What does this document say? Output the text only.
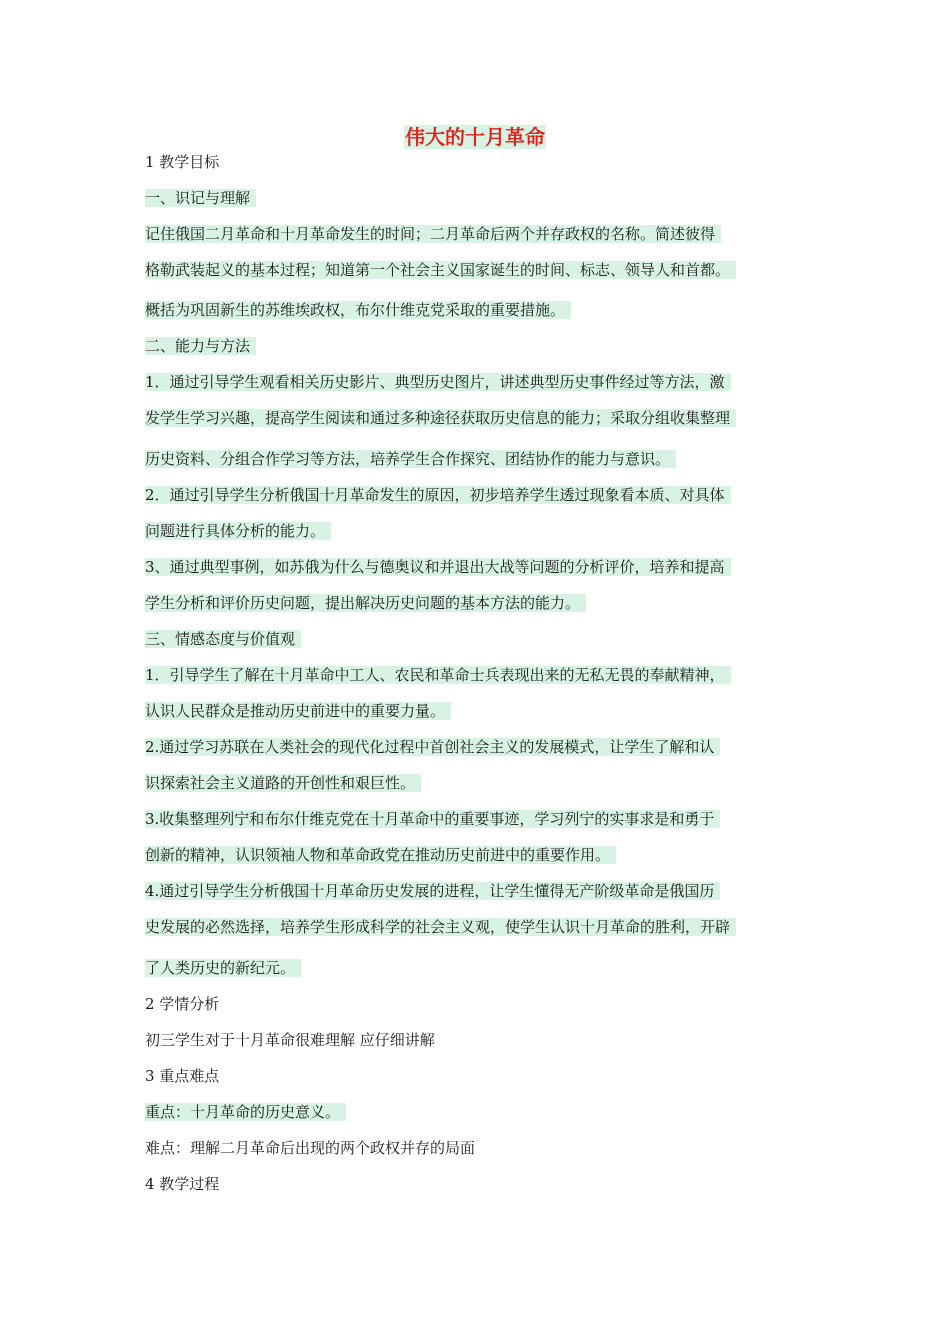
伟大的十月革命
1 教学目标
一、识记与理解
记住俄国二月革命和十月革命发生的时间；二月革命后两个并存政权的名称。简述彼得
格勒武装起义的基本过程；知道第一个社会主义国家诞生的时间、标志、领导人和首都。
概括为巩固新生的苏维埃政权，布尔什维克党采取的重要措施。
二、能力与方法
1．通过引导学生观看相关历史影片、典型历史图片，讲述典型历史事件经过等方法，激
发学生学习兴趣，提高学生阅读和通过多种途径获取历史信息的能力；采取分组收集整理
历史资料、分组合作学习等方法，培养学生合作探究、团结协作的能力与意识。
2．通过引导学生分析俄国十月革命发生的原因，初步培养学生透过现象看本质、对具体
问题进行具体分析的能力。
3、通过典型事例，如苏俄为什么与德奥议和并退出大战等问题的分析评价，培养和提高
学生分析和评价历史问题，提出解决历史问题的基本方法的能力。
三、情感态度与价值观
1．引导学生了解在十月革命中工人、农民和革命士兵表现出来的无私无畏的奉献精神，
认识人民群众是推动历史前进中的重要力量。
2.通过学习苏联在人类社会的现代化过程中首创社会主义的发展模式，让学生了解和认
识探索社会主义道路的开创性和艰巨性。
3.收集整理列宁和布尔什维克党在十月革命中的重要事迹，学习列宁的实事求是和勇于
创新的精神，认识领袖人物和革命政党在推动历史前进中的重要作用。
4.通过引导学生分析俄国十月革命历史发展的进程，让学生懂得无产阶级革命是俄国历
史发展的必然选择，培养学生形成科学的社会主义观，使学生认识十月革命的胜利，开辟
了人类历史的新纪元。
2 学情分析
初三学生对于十月革命很难理解 应仔细讲解
3 重点难点
重点：十月革命的历史意义。
难点：理解二月革命后出现的两个政权并存的局面
4 教学过程
